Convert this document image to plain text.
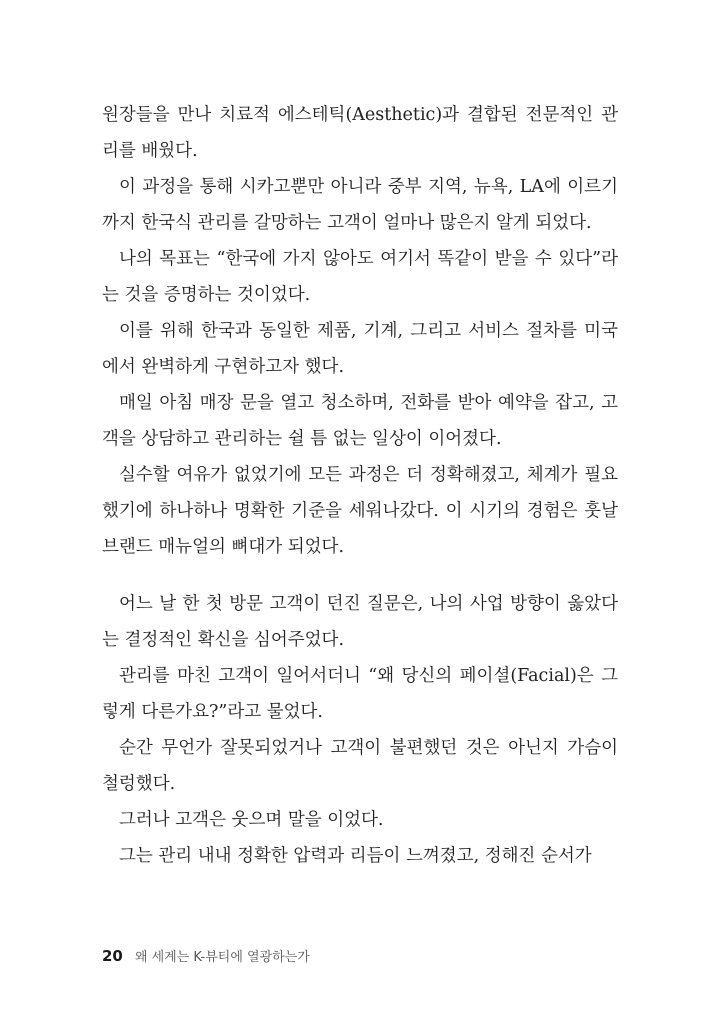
원장들을 만나 치료적 에스테틱(Aesthetic)과 결합된 전문적인 관리를 배웠다.

이 과정을 통해 시카고뿐만 아니라 중부 지역, 뉴욕, LA에 이르기까지 한국식 관리를 갈망하는 고객이 얼마나 많은지 알게 되었다.

나의 목표는 “한국에 가지 않아도 여기서 똑같이 받을 수 있다”라는 것을 증명하는 것이었다.

이를 위해 한국과 동일한 제품, 기계, 그리고 서비스 절차를 미국에서 완벽하게 구현하고자 했다.

매일 아침 매장 문을 열고 청소하며, 전화를 받아 예약을 잡고, 고객을 상담하고 관리하는 쉴 틈 없는 일상이 이어졌다.

실수할 여유가 없었기에 모든 과정은 더 정확해졌고, 체계가 필요했기에 하나하나 명확한 기준을 세워나갔다. 이 시기의 경험은 훗날 브랜드 매뉴얼의 뼈대가 되었다.

어느 날 한 첫 방문 고객이 던진 질문은, 나의 사업 방향이 옳았다는 결정적인 확신을 심어주었다.

관리를 마친 고객이 일어서더니 “왜 당신의 페이셜(Facial)은 그렇게 다른가요?”라고 물었다.

순간 무언가 잘못되었거나 고객이 불편했던 것은 아닌지 가슴이 철렁했다.

그러나 고객은 웃으며 말을 이었다.

그는 관리 내내 정확한 압력과 리듬이 느껴졌고, 정해진 순서가

20 왜 세계는 K-뷰티에 열광하는가
